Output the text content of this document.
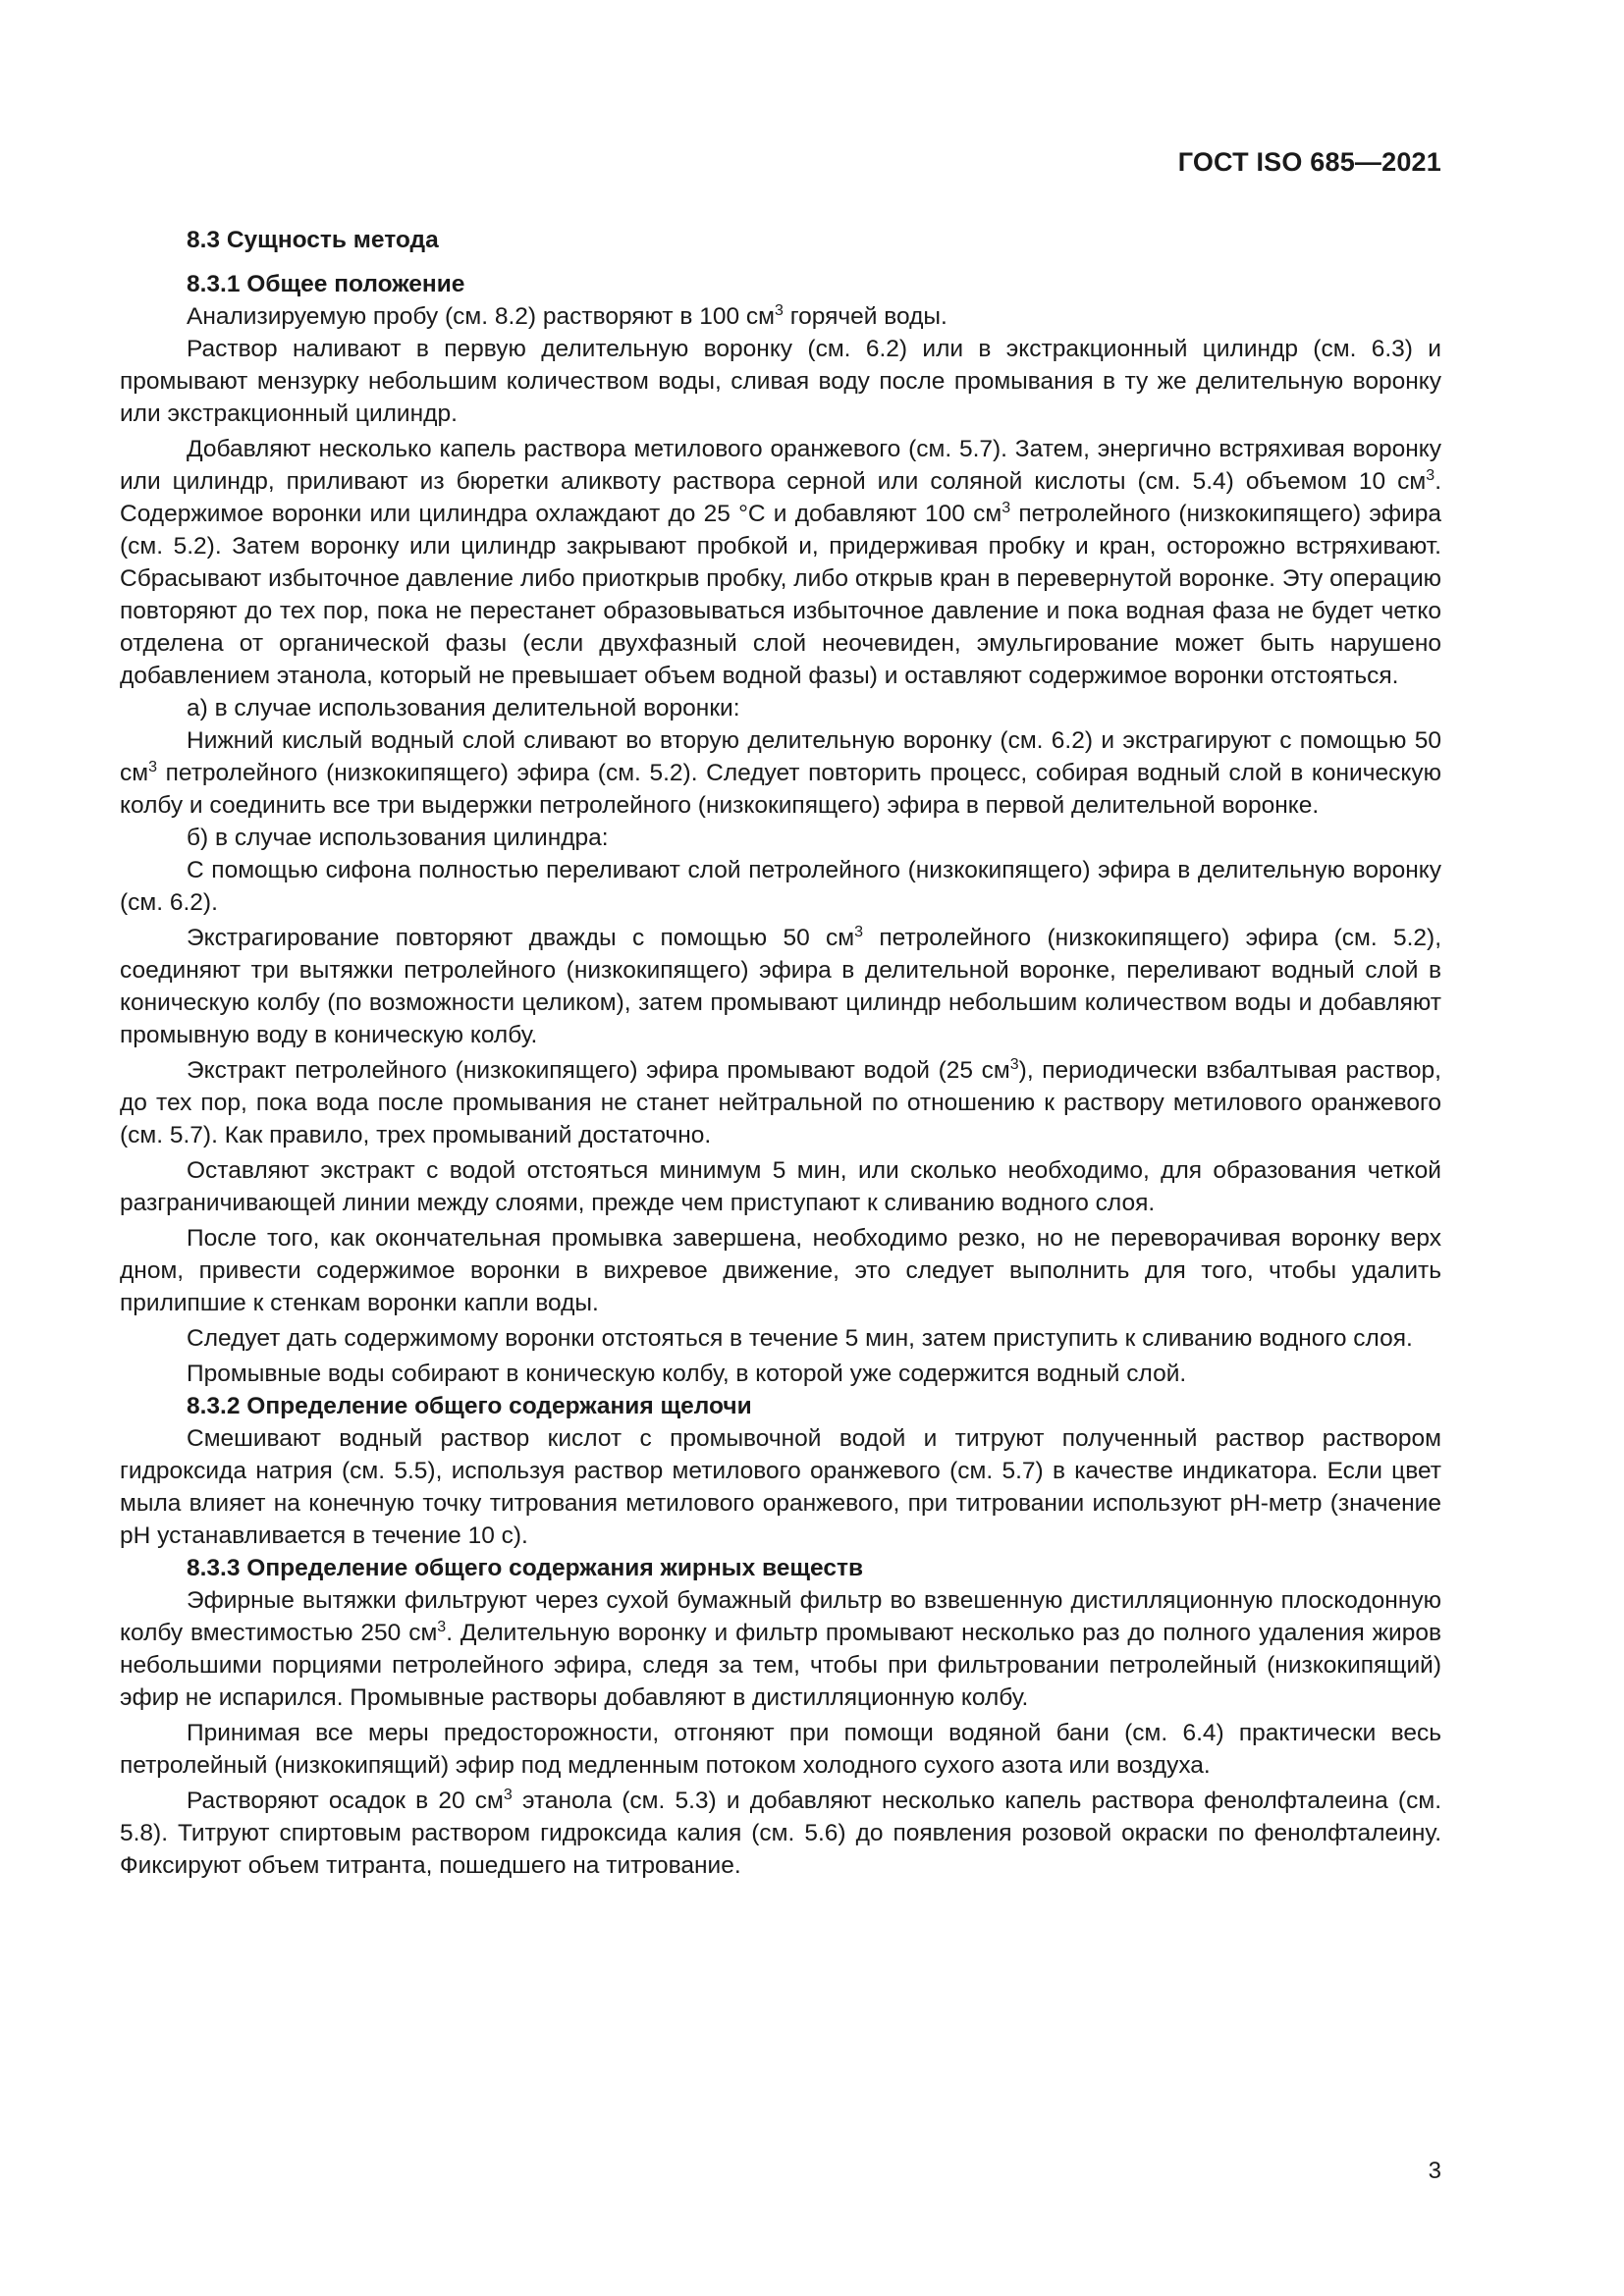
ГОСТ ISO 685—2021

8.3 Сущность метода

8.3.1 Общее положение

Анализируемую пробу (см. 8.2) растворяют в 100 $см^3$ горячей воды.

Раствор наливают в первую делительную воронку (см. 6.2) или в экстракционный цилиндр (см. 6.3) и промывают мензурку небольшим количеством воды, сливая воду после промывания в ту же делительную воронку или экстракционный цилиндр.

Добавляют несколько капель раствора метилового оранжевого (см. 5.7). Затем, энергично встряхивая воронку или цилиндр, приливают из бюретки аликвоту раствора серной или соляной кислоты (см. 5.4) объемом 10 $см^3$. Содержимое воронки или цилиндра охлаждают до 25 °С и добавляют 100 $см^3$ петролейного (низкокипящего) эфира (см. 5.2). Затем воронку или цилиндр закрывают пробкой и, придерживая пробку и кран, осторожно встряхивают. Сбрасывают избыточное давление либо приоткрыв пробку, либо открыв кран в перевернутой воронке. Эту операцию повторяют до тех пор, пока не перестанет образовываться избыточное давление и пока водная фаза не будет четко отделена от органической фазы (если двухфазный слой неочевиден, эмульгирование может быть нарушено добавлением этанола, который не превышает объем водной фазы) и оставляют содержимое воронки отстояться.

а) в случае использования делительной воронки:

Нижний кислый водный слой сливают во вторую делительную воронку (см. 6.2) и экстрагируют с помощью 50 $см^3$ петролейного (низкокипящего) эфира (см. 5.2). Следует повторить процесс, собирая водный слой в коническую колбу и соединить все три выдержки петролейного (низкокипящего) эфира в первой делительной воронке.

б) в случае использования цилиндра:

С помощью сифона полностью переливают слой петролейного (низкокипящего) эфира в делительную воронку (см. 6.2).

Экстрагирование повторяют дважды с помощью 50 $см^3$ петролейного (низкокипящего) эфира (см. 5.2), соединяют три вытяжки петролейного (низкокипящего) эфира в делительной воронке, переливают водный слой в коническую колбу (по возможности целиком), затем промывают цилиндр небольшим количеством воды и добавляют промывную воду в коническую колбу.

Экстракт петролейного (низкокипящего) эфира промывают водой (25 $см^3$), периодически взбалтывая раствор, до тех пор, пока вода после промывания не станет нейтральной по отношению к раствору метилового оранжевого (см. 5.7). Как правило, трех промываний достаточно.

Оставляют экстракт с водой отстояться минимум 5 мин, или сколько необходимо, для образования четкой разграничивающей линии между слоями, прежде чем приступают к сливанию водного слоя.

После того, как окончательная промывка завершена, необходимо резко, но не переворачивая воронку верх дном, привести содержимое воронки в вихревое движение, это следует выполнить для того, чтобы удалить прилипшие к стенкам воронки капли воды.

Следует дать содержимому воронки отстояться в течение 5 мин, затем приступить к сливанию водного слоя.

Промывные воды собирают в коническую колбу, в которой уже содержится водный слой.

8.3.2 Определение общего содержания щелочи

Смешивают водный раствор кислот с промывочной водой и титруют полученный раствор раствором гидроксида натрия (см. 5.5), используя раствор метилового оранжевого (см. 5.7) в качестве индикатора. Если цвет мыла влияет на конечную точку титрования метилового оранжевого, при титровании используют pH-метр (значение pH устанавливается в течение 10 с).

8.3.3 Определение общего содержания жирных веществ

Эфирные вытяжки фильтруют через сухой бумажный фильтр во взвешенную дистилляционную плоскодонную колбу вместимостью 250 $см^3$. Делительную воронку и фильтр промывают несколько раз до полного удаления жиров небольшими порциями петролейного эфира, следя за тем, чтобы при фильтровании петролейный (низкокипящий) эфир не испарился. Промывные растворы добавляют в дистилляционную колбу.

Принимая все меры предосторожности, отгоняют при помощи водяной бани (см. 6.4) практически весь петролейный (низкокипящий) эфир под медленным потоком холодного сухого азота или воздуха.

Растворяют осадок в 20 $см^3$ этанола (см. 5.3) и добавляют несколько капель раствора фенолфталеина (см. 5.8). Титруют спиртовым раствором гидроксида калия (см. 5.6) до появления розовой окраски по фенолфталеину. Фиксируют объем титранта, пошедшего на титрование.

3
